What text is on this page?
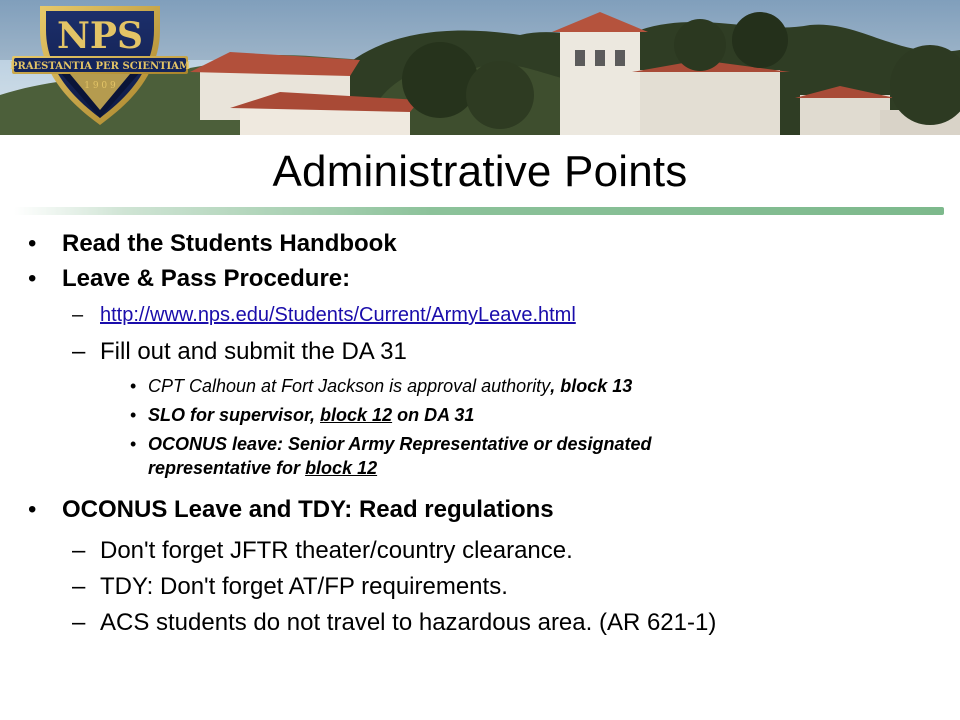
NPS
PRAESTANTIA PER SCIENTIAM
1 9 0 9
Administrative Points
• Read the Students Handbook
• Leave & Pass Procedure:
– http://www.nps.edu/Students/Current/ArmyLeave.html
– Fill out and submit the DA 31
• CPT Calhoun at Fort Jackson is approval authority, block 13
• SLO for supervisor, block 12 on DA 31
• OCONUS leave: Senior Army Representative or designated
representative for block 12
• OCONUS Leave and TDY: Read regulations
– Don't forget JFTR theater/country clearance.
– TDY: Don't forget AT/FP requirements.
– ACS students do not travel to hazardous area. (AR 621-1)
